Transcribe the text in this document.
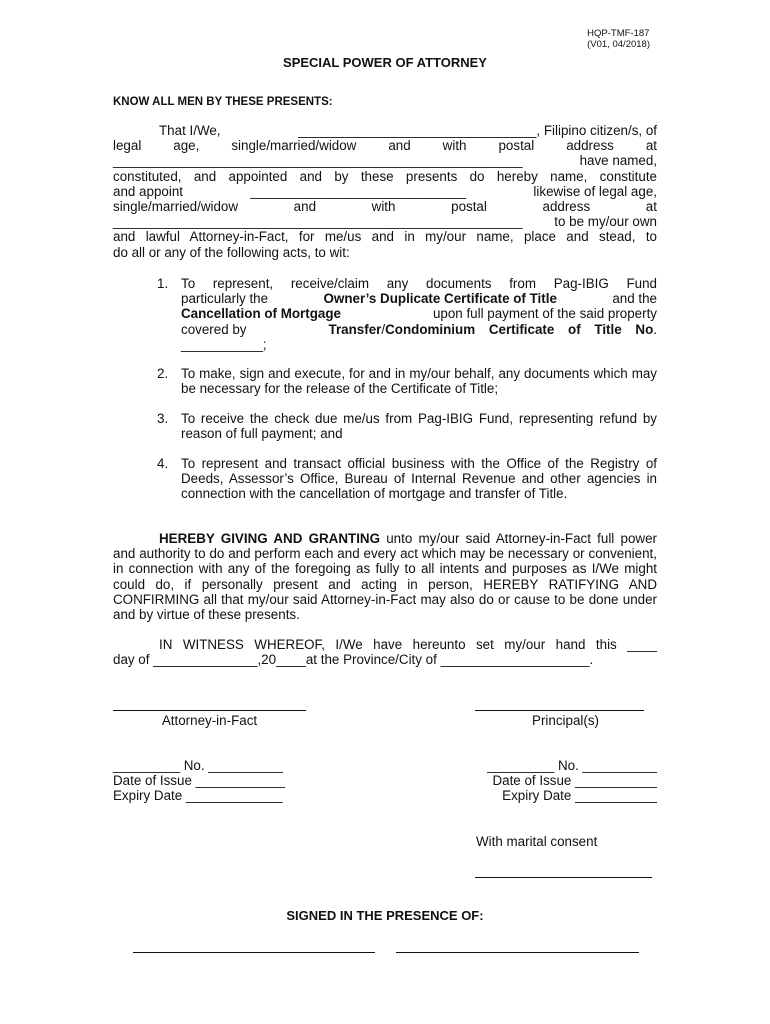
HQP-TMF-187
(V01, 04/2018)
SPECIAL POWER OF ATTORNEY
KNOW ALL MEN BY THESE PRESENTS:
That I/We,	________________________________, Filipino citizen/s, of
legal age, single/married/widow and with postal address at
_______________________________________________________	have named,
constituted, and appointed and by these presents do hereby name, constitute
and appoint	_____________________________	likewise of legal age,
single/married/widow	and	with	postal	address	at
_______________________________________________________ to be my/our own
and lawful Attorney-in-Fact, for me/us and in my/our name, place and stead, to
do all or any of the following acts, to wit:
1. To represent, receive/claim any documents from Pag-IBIG Fund
particularly the	Owner’s Duplicate Certificate of Title	and the
Cancellation of Mortgage	upon full payment of the said property
covered by	Transfer / Condominium Certificate of Title No .
___________;
2. To make, sign and execute, for and in my/our behalf, any documents which may be necessary for the release of the Certificate of Title;
3. To receive the check due me/us from Pag-IBIG Fund, representing refund by reason of full payment; and
4. To represent and transact official business with the Office of the Registry of Deeds, Assessor’s Office, Bureau of Internal Revenue and other agencies in connection with the cancellation of mortgage and transfer of Title.
HEREBY GIVING AND GRANTING unto my/our said Attorney-in-Fact full power and authority to do and perform each and every act which may be necessary or convenient, in connection with any of the foregoing as fully to all intents and purposes as I/We might could do, if personally present and acting in person, HEREBY RATIFYING AND CONFIRMING all that my/our said Attorney-in-Fact may also do or cause to be done under and by virtue of these presents.
IN WITNESS WHEREOF, I/We have hereunto set my/our hand this ____
day of ______________,20____at the Province/City of ____________________.
Attorney-in-Fact
_________ No. __________
Date of Issue ____________
Expiry Date _____________
Principal(s)
_________ No. __________
Date of Issue ___________
Expiry Date ___________
With marital consent
SIGNED IN THE PRESENCE OF:
